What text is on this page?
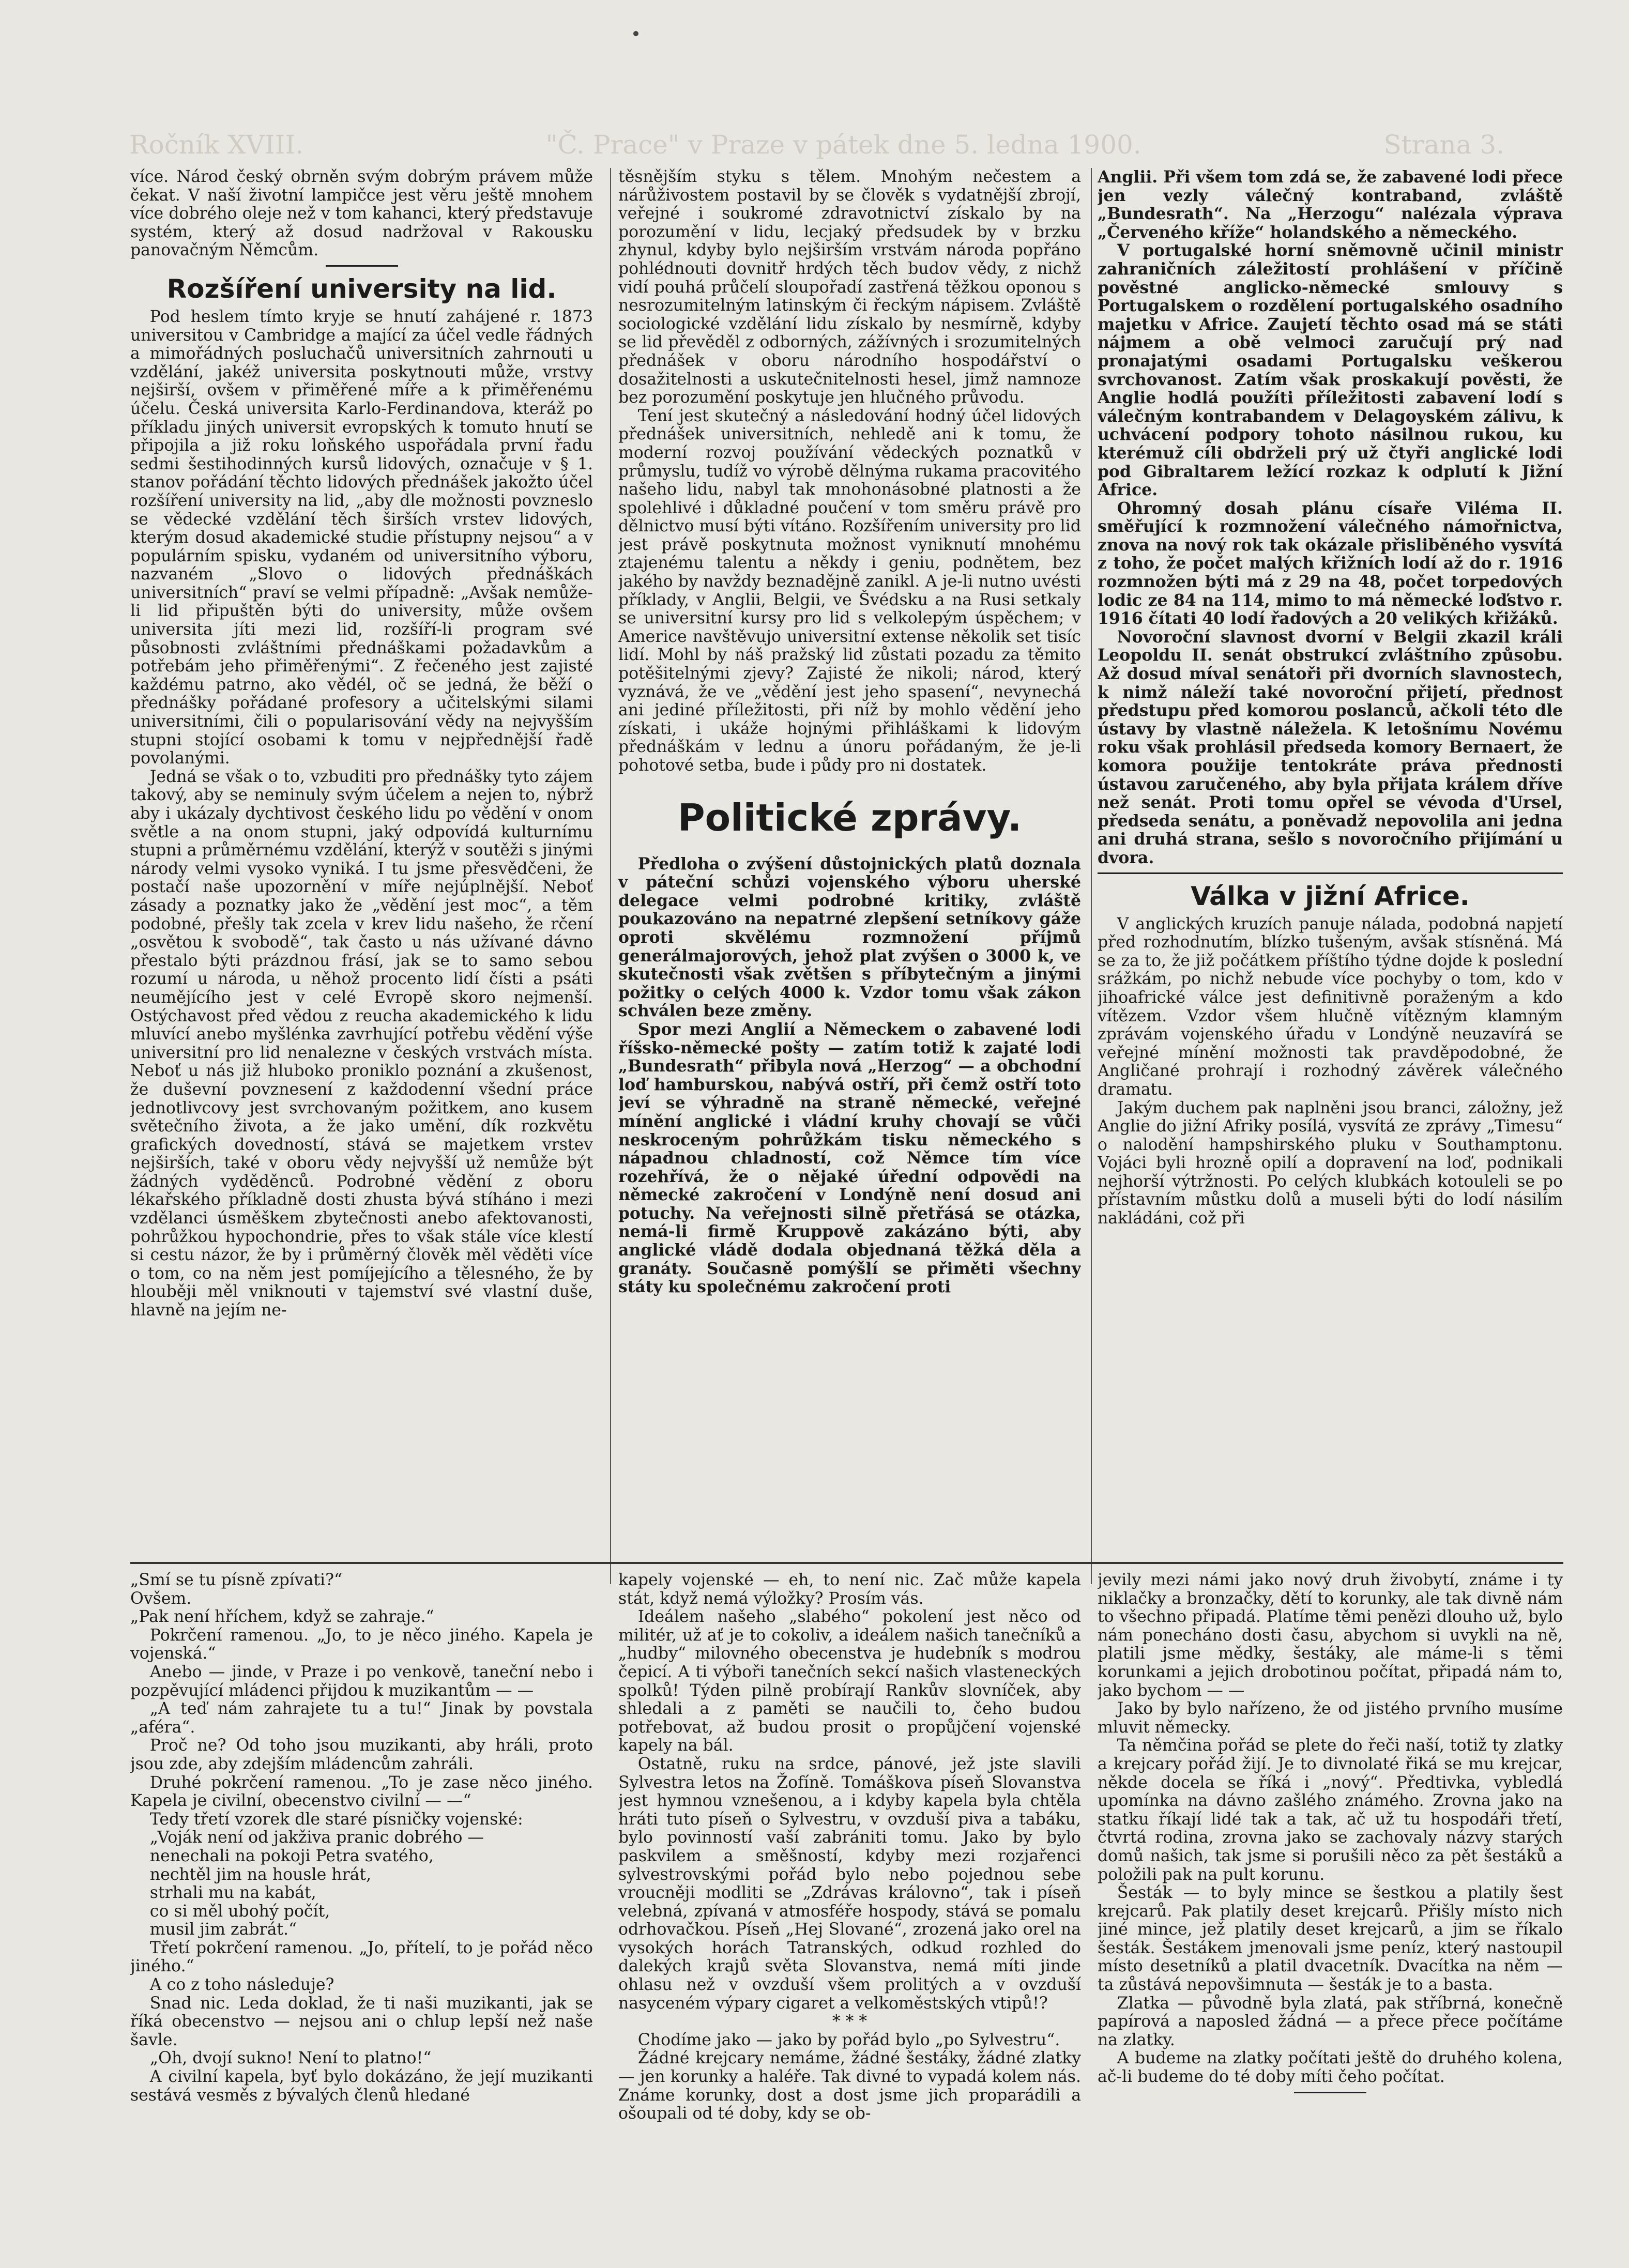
Ročník XVIII.	"Č. Prace" v Praze v pátek dne 5. ledna 1900.	Strana 3.

více. Národ český obrněn svým dobrým právem může čekat. V naší životní lampičce jest věru ještě mnohem více dobrého oleje než v tom kahanci, který představuje systém, který až dosud nadržoval v Rakousku panovačným Němcům.

Rozšíření university na lid.

Pod heslem tímto kryje se hnutí zahájené r. 1873 universitou v Cambridge a mající za účel vedle řádných a mimořádných posluchačů universitních zahrnouti u vzdělání, jakéž universita poskytnouti může, vrstvy nejširší, ovšem v přiměřené míře a k přiměřenému účelu. Česká universita Karlo-Ferdinandova, kteráž po příkladu jiných universit evropských k tomuto hnutí se připojila a již roku loňského uspořádala první řadu sedmi šestihodinných kursů lidových, označuje v § 1. stanov pořádání těchto lidových přednášek jakožto účel rozšíření university na lid, „aby dle možnosti povzneslo se vědecké vzdělání těch širších vrstev lidových, kterým dosud akademické studie přístupny nejsou“ a v populárním spisku, vydaném od universitního výboru, nazvaném „Slovo o lidových přednáškách universitních“ praví se velmi případně: „Avšak nemůže-li lid připuštěn býti do university, může ovšem universita jíti mezi lid, rozšíří-li program své působnosti zvláštními přednáškami požadavkům a potřebám jeho přiměřenými“. Z řečeného jest zajisté každému patrno, ako vědél, oč se jedná, že běží o přednášky pořádané profesory a učitelskými silami universitními, čili o popularisování vědy na nejvyšším stupni stojící osobami k tomu v nejpřednější řadě povolanými.

Jedná se však o to, vzbuditi pro přednášky tyto zájem takový, aby se neminuly svým účelem a nejen to, nýbrž aby i ukázaly dychtivost českého lidu po vědění v onom světle a na onom stupni, jaký odpovídá kulturnímu stupni a průměrnému vzdělání, kterýž v soutěži s jinými národy velmi vysoko vyniká. I tu jsme přesvědčeni, že postačí naše upozornění v míře nejúplnější. Neboť zásady a poznatky jako že „vědění jest moc“, a těm podobné, přešly tak zcela v krev lidu našeho, že rčení „osvětou k svobodě“, tak často u nás užívané dávno přestalo býti prázdnou frásí, jak se to samo sebou rozumí u národa, u něhož procento lidí čísti a psáti neumějícího jest v celé Evropě skoro nejmenší. Ostýchavost před vědou z reucha akademického k lidu mluvící anebo myšlénka zavrhující potřebu vědění výše universitní pro lid nenalezne v českých vrstvách místa. Neboť u nás již hluboko proniklo poznání a zkušenost, že duševní povznesení z každodenní všední práce jednotlivcovy jest svrchovaným požitkem, ano kusem světečního života, a že jako umění, dík rozkvětu grafických dovedností, stává se majetkem vrstev nejširších, také v oboru vědy nejvyšší už nemůže být žádných vyděděnců. Podrobné vědění z oboru lékařského příkladně dosti zhusta bývá stíháno i mezi vzdělanci úsměškem zbytečnosti anebo afektovanosti, pohrůžkou hypochondrie, přes to však stále více klestí si cestu názor, že by i průměrný člověk měl věděti více o tom, co na něm jest pomíjejícího a tělesného, že by hlouběji měl vniknouti v tajemství své vlastní duše, hlavně na jejím ne-

těsnějším styku s tělem. Mnohým nečestem a nárůživostem postavil by se člověk s vydatnější zbrojí, veřejné i soukromé zdravotnictví získalo by na porozumění v lidu, lecjaký předsudek by v brzku zhynul, kdyby bylo nejširším vrstvám národa popřáno pohlédnouti dovnitř hrdých těch budov vědy, z nichž vidí pouhá průčelí sloupořadí zastřená těžkou oponou s nesrozumitelným latinským či řeckým nápisem. Zvláště sociologické vzdělání lidu získalo by nesmírně, kdyby se lid převěděl z odborných, zážívných i srozumitelných přednášek v oboru národního hospodářství o dosažitelnosti a uskutečnitelnosti hesel, jimž namnoze bez porozumění poskytuje jen hlučného průvodu.

Tení jest skutečný a následování hodný účel lidových přednášek universitních, nehledě ani k tomu, že moderní rozvoj používání vědeckých poznatků v průmyslu, tudíž vo výrobě dělnýma rukama pracovitého našeho lidu, nabyl tak mnohonásobné platnosti a že spolehlivé i důkladné poučení v tom směru právě pro dělnictvo musí býti vítáno. Rozšířením university pro lid jest právě poskytnuta možnost vyniknutí mnohému ztajenému talentu a někdy i geniu, podnětem, bez jakého by navždy beznadějně zanikl. A je-li nutno uvésti příklady, v Anglii, Belgii, ve Švédsku a na Rusi setkaly se universitní kursy pro lid s velkolepým úspěchem; v Americe navštěvujo universitní extense několik set tisíc lidí. Mohl by náš pražský lid zůstati pozadu za těmito potěšitelnými zjevy? Zajisté že nikoli; národ, který vyznává, že ve „vědění jest jeho spasení“, nevynechá ani jediné příležitosti, při níž by mohlo vědění jeho získati, i ukáže hojnými přihláškami k lidovým přednáškám v lednu a únoru pořádaným, že je-li pohotové setba, bude i půdy pro ni dostatek.

Politické zprávy.

Předloha o zvýšení důstojnických platů doznala v páteční schůzi vojenského výboru uherské delegace velmi podrobné kritiky, zvláště poukazováno na nepatrné zlepšení setníkovy gáže oproti skvělému rozmnožení příjmů generálmajorových, jehož plat zvýšen o 3000 k, ve skutečnosti však zvětšen s příbytečným a jinými požitky o celých 4000 k. Vzdor tomu však zákon schválen beze změny.

Spor mezi Anglií a Německem o zabavené lodi říšsko-německé pošty — zatím totiž k zajaté lodi „Bundesrath“ přibyla nová „Herzog“ — a obchodní loď hamburskou, nabývá ostří, při čemž ostří toto jeví se výhradně na straně německé, veřejné mínění anglické i vládní kruhy chovají se vůči neskroceným pohrůžkám tisku německého s nápadnou chladností, což Němce tím více rozehřívá, že o nějaké úřední odpovědi na německé zakročení v Londýně není dosud ani potuchy. Na veřejnosti silně přetřásá se otázka, nemá-li firmě Kruppově zakázáno býti, aby anglické vládě dodala objednaná těžká děla a granáty. Současně pomýšlí se přiměti všechny státy ku společnému zakročení proti

Anglii. Při všem tom zdá se, že zabavené lodi přece jen vezly válečný kontraband, zvláště „Bundesrath“. Na „Herzogu“ nalézala výprava „Červeného kříže“ holandského a německého.

V portugalské horní sněmovně učinil ministr zahraničních záležitostí prohlášení v příčině pověstné anglicko-německé smlouvy s Portugalskem o rozdělení portugalského osadního majetku v Africe. Zaujetí těchto osad má se státi nájmem a obě velmoci zaručují prý nad pronajatými osadami Portugalsku veškerou svrchovanost. Zatím však proskakují pověsti, že Anglie hodlá použíti příležitosti zabavení lodí s válečným kontrabandem v Delagoyském zálivu, k uchvácení podpory tohoto násilnou rukou, ku kterémuž cíli obdrželi prý už čtyři anglické lodi pod Gibraltarem ležící rozkaz k odplutí k Jižní Africe.

Ohromný dosah plánu císaře Viléma II. směřující k rozmnožení válečného námořnictva, znova na nový rok tak okázale přisliběného vysvítá z toho, že počet malých křižních lodí až do r. 1916 rozmnožen býti má z 29 na 48, počet torpedových lodic ze 84 na 114, mimo to má německé loďstvo r. 1916 čítati 40 lodí řadových a 20 velikých křižáků.

Novoroční slavnost dvorní v Belgii zkazil králi Leopoldu II. senát obstrukcí zvláštního způsobu. Až dosud míval senátoři při dvorních slavnostech, k nimž náleží také novoroční přijetí, přednost předstupu před komorou poslanců, ačkoli této dle ústavy by vlastně náležela. K letošnímu Novému roku však prohlásil předseda komory Bernaert, že komora použije tentokráte práva přednosti ústavou zaručeného, aby byla přijata králem dříve než senát. Proti tomu opřel se vévoda d'Ursel, předseda senátu, a poněvadž nepovolila ani jedna ani druhá strana, sešlo s novoročního přijímání u dvora.

Válka v jižní Africe.

V anglických kruzích panuje nálada, podobná napjetí před rozhodnutím, blízko tušeným, avšak stísněná. Má se za to, že již počátkem příštího týdne dojde k poslední srážkám, po nichž nebude více pochyby o tom, kdo v jihoafrické válce jest definitivně poraženým a kdo vítězem. Vzdor všem hlučně vítězným klamným zprávám vojenského úřadu v Londýně neuzavírá se veřejné mínění možnosti tak pravděpodobné, že Angličané prohrají i rozhodný závěrek válečného dramatu.

Jakým duchem pak naplněni jsou branci, záložny, jež Anglie do jižní Afriky posílá, vysvítá ze zprávy „Timesu“ o nalodění hampshirského pluku v Southamptonu. Vojáci byli hrozně opilí a dopravení na loď, podnikali nejhorší výtržnosti. Po celých klubkách kotouleli se po přístavním můstku dolů a museli býti do lodí násilím nakládáni, což při

„Smí se tu písně zpívati?“

Ovšem.

„Pak není hříchem, když se zahraje.“

Pokrčení ramenou. „Jo, to je něco jiného. Kapela je vojenská.“

Anebo — jinde, v Praze i po venkově, taneční nebo i pozpěvující mládenci přijdou k muzikantům — —

„A teď nám zahrajete tu a tu!“ Jinak by povstala „aféra“.

Proč ne? Od toho jsou muzikanti, aby hráli, proto jsou zde, aby zdejším mládencům zahráli.

Druhé pokrčení ramenou. „To je zase něco jiného. Kapela je civilní, obecenstvo civilní — —“

Tedy třetí vzorek dle staré písničky vojenské:

„Voják není od jakživa pranic dobrého —

nenechali na pokoji Petra svatého,

nechtěl jim na housle hrát,

strhali mu na kabát,

co si měl ubohý počít,

musil jim zabrát.“

Třetí pokrčení ramenou. „Jo, přítelí, to je pořád něco jiného.“

A co z toho následuje?

Snad nic. Leda doklad, že ti naši muzikanti, jak se říká obecenstvo — nejsou ani o chlup lepší než naše šavle.

„Oh, dvojí sukno! Není to platno!“

A civilní kapela, byť bylo dokázáno, že její muzikanti sestává vesměs z bývalých členů hledané

kapely vojenské — eh, to není nic. Zač může kapela stát, když nemá výložky? Prosím vás.

Ideálem našeho „slabého“ pokolení jest něco od militér, už ať je to cokoliv, a ideálem našich tanečníků a „hudby“ milovného obecenstva je hudebník s modrou čepicí. A ti výboři tanečních sekcí našich vlasteneckých spolků! Týden pilně probírají Rankův slovníček, aby shledali a z paměti se naučili to, čeho budou potřebovat, až budou prosit o propůjčení vojenské kapely na bál.

Ostatně, ruku na srdce, pánové, jež jste slavili Sylvestra letos na Žofíně. Tomáškova píseň Slovanstva jest hymnou vznešenou, a i kdyby kapela byla chtěla hráti tuto píseň o Sylvestru, v ovzduší piva a tabáku, bylo povinností vaší zabrániti tomu. Jako by bylo paskvilem a směšností, kdyby mezi rozjařenci sylvestrovskými pořád bylo nebo pojednou sebe vroucněji modliti se „Zdrávas královno“, tak i píseň velebná, zpívaná v atmosféře hospody, stává se pomalu odrhovačkou. Píseň „Hej Slované“, zrozená jako orel na vysokých horách Tatranských, odkud rozhled do dalekých krajů světa Slovanstva, nemá míti jinde ohlasu než v ovzduší všem prolitých a v ovzduší nasyceném výpary cigaret a velkoměstských vtipů!?

* * *

Chodíme jako — jako by pořád bylo „po Sylvestru“.

Žádné krejcary nemáme, žádné šestáky, žádné zlatky — jen korunky a haléře. Tak divné to vypadá kolem nás. Známe korunky, dost a dost jsme jich proparádili a ošoupali od té doby, kdy se ob-

jevily mezi námi jako nový druh živobytí, známe i ty niklačky a bronzačky, dětí to korunky, ale tak divně nám to všechno připadá. Platíme těmi penězi dlouho už, bylo nám ponecháno dosti času, abychom si uvykli na ně, platili jsme mědky, šestáky, ale máme-li s těmi korunkami a jejich drobotinou počítat, připadá nám to, jako bychom — —

Jako by bylo nařízeno, že od jistého prvního musíme mluvit německy.

Ta němčina pořád se plete do řeči naší, totiž ty zlatky a krejcary pořád žijí. Je to divnolaté řiká se mu krejcar, někde docela se říká i „nový“. Předtivka, vybledlá upomínka na dávno zašlého známého. Zrovna jako na statku říkají lidé tak a tak, ač už tu hospodáři třetí, čtvrtá rodina, zrovna jako se zachovaly názvy starých domů našich, tak jsme si porušili něco za pět šestáků a položili pak na pult korunu.

Šesták — to byly mince se šestkou a platily šest krejcarů. Pak platily deset krejcarů. Přišly místo nich jiné mince, jež platily deset krejcarů, a jim se říkalo šesták. Šestákem jmenovali jsme peníz, který nastoupil místo desetníků a platil dvacetník. Dvacítka na něm — ta zůstává nepovšimnuta — šesták je to a basta.

Zlatka — původně byla zlatá, pak stříbrná, konečně papírová a naposled žádná — a přece přece počítáme na zlatky.

A budeme na zlatky počítati ještě do druhého kolena, ač-li budeme do té doby míti čeho počítat.
